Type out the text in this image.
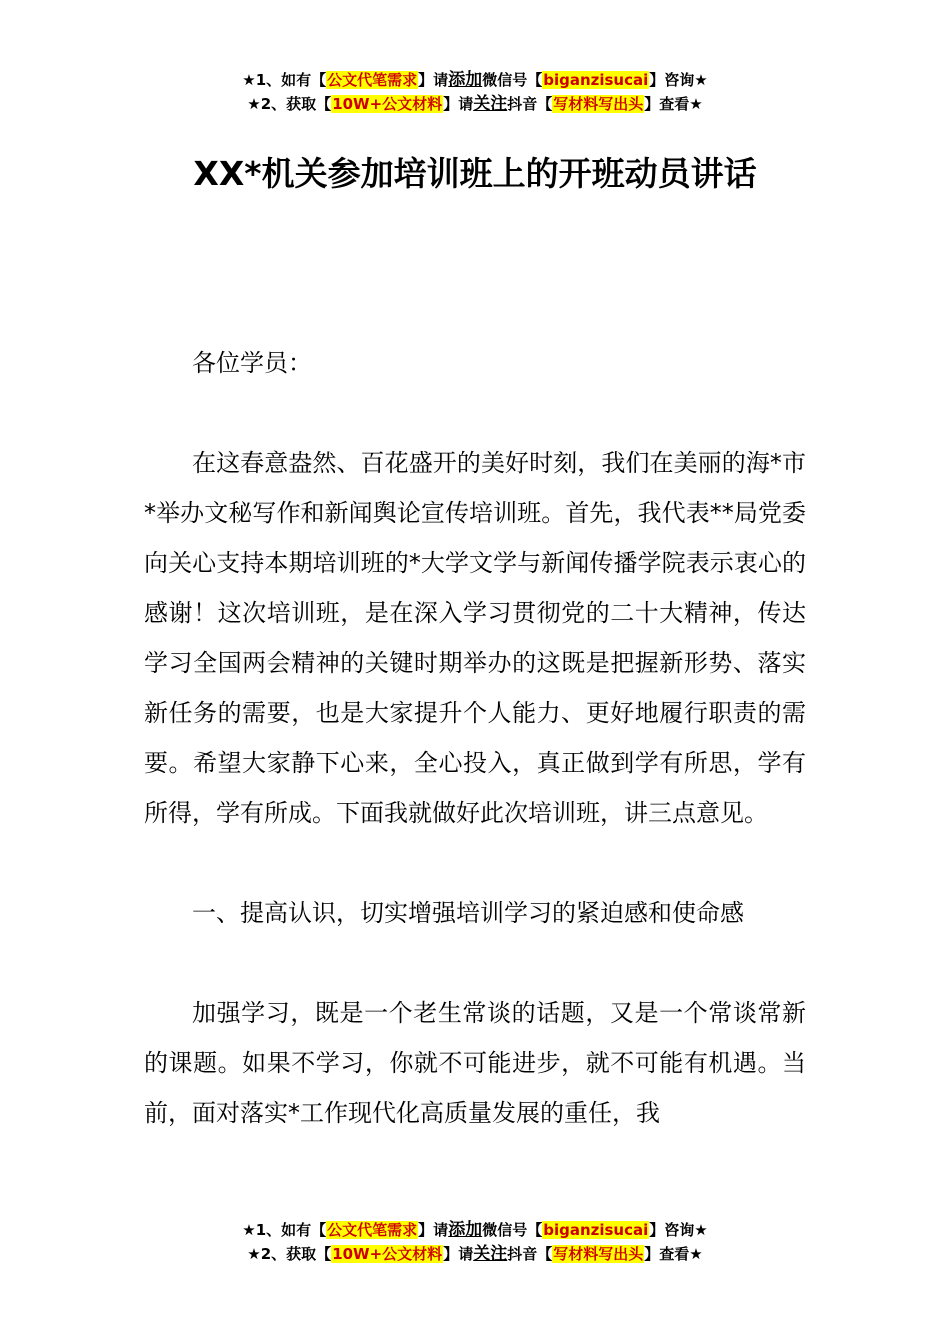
★1、如有【公文代笔需求】请添加微信号【biganzisucai】咨询★
★2、获取【10W+公文材料】请关注抖音【写材料写出头】查看★
XX*机关参加培训班上的开班动员讲话

各位学员：

在这春意盎然、百花盛开的美好时刻，我们在美丽的海*市*举办文秘写作和新闻舆论宣传培训班。首先，我代表**局党委向关心支持本期培训班的*大学文学与新闻传播学院表示衷心的感谢！这次培训班，是在深入学习贯彻党的二十大精神，传达学习全国两会精神的关键时期举办的这既是把握新形势、落实新任务的需要，也是大家提升个人能力、更好地履行职责的需要。希望大家静下心来，全心投入，真正做到学有所思，学有所得，学有所成。下面我就做好此次培训班，讲三点意见。

一、提高认识，切实增强培训学习的紧迫感和使命感

加强学习，既是一个老生常谈的话题，又是一个常谈常新的课题。如果不学习，你就不可能进步，就不可能有机遇。当前，面对落实*工作现代化高质量发展的重任，我

★1、如有【公文代笔需求】请添加微信号【biganzisucai】咨询★
★2、获取【10W+公文材料】请关注抖音【写材料写出头】查看★
